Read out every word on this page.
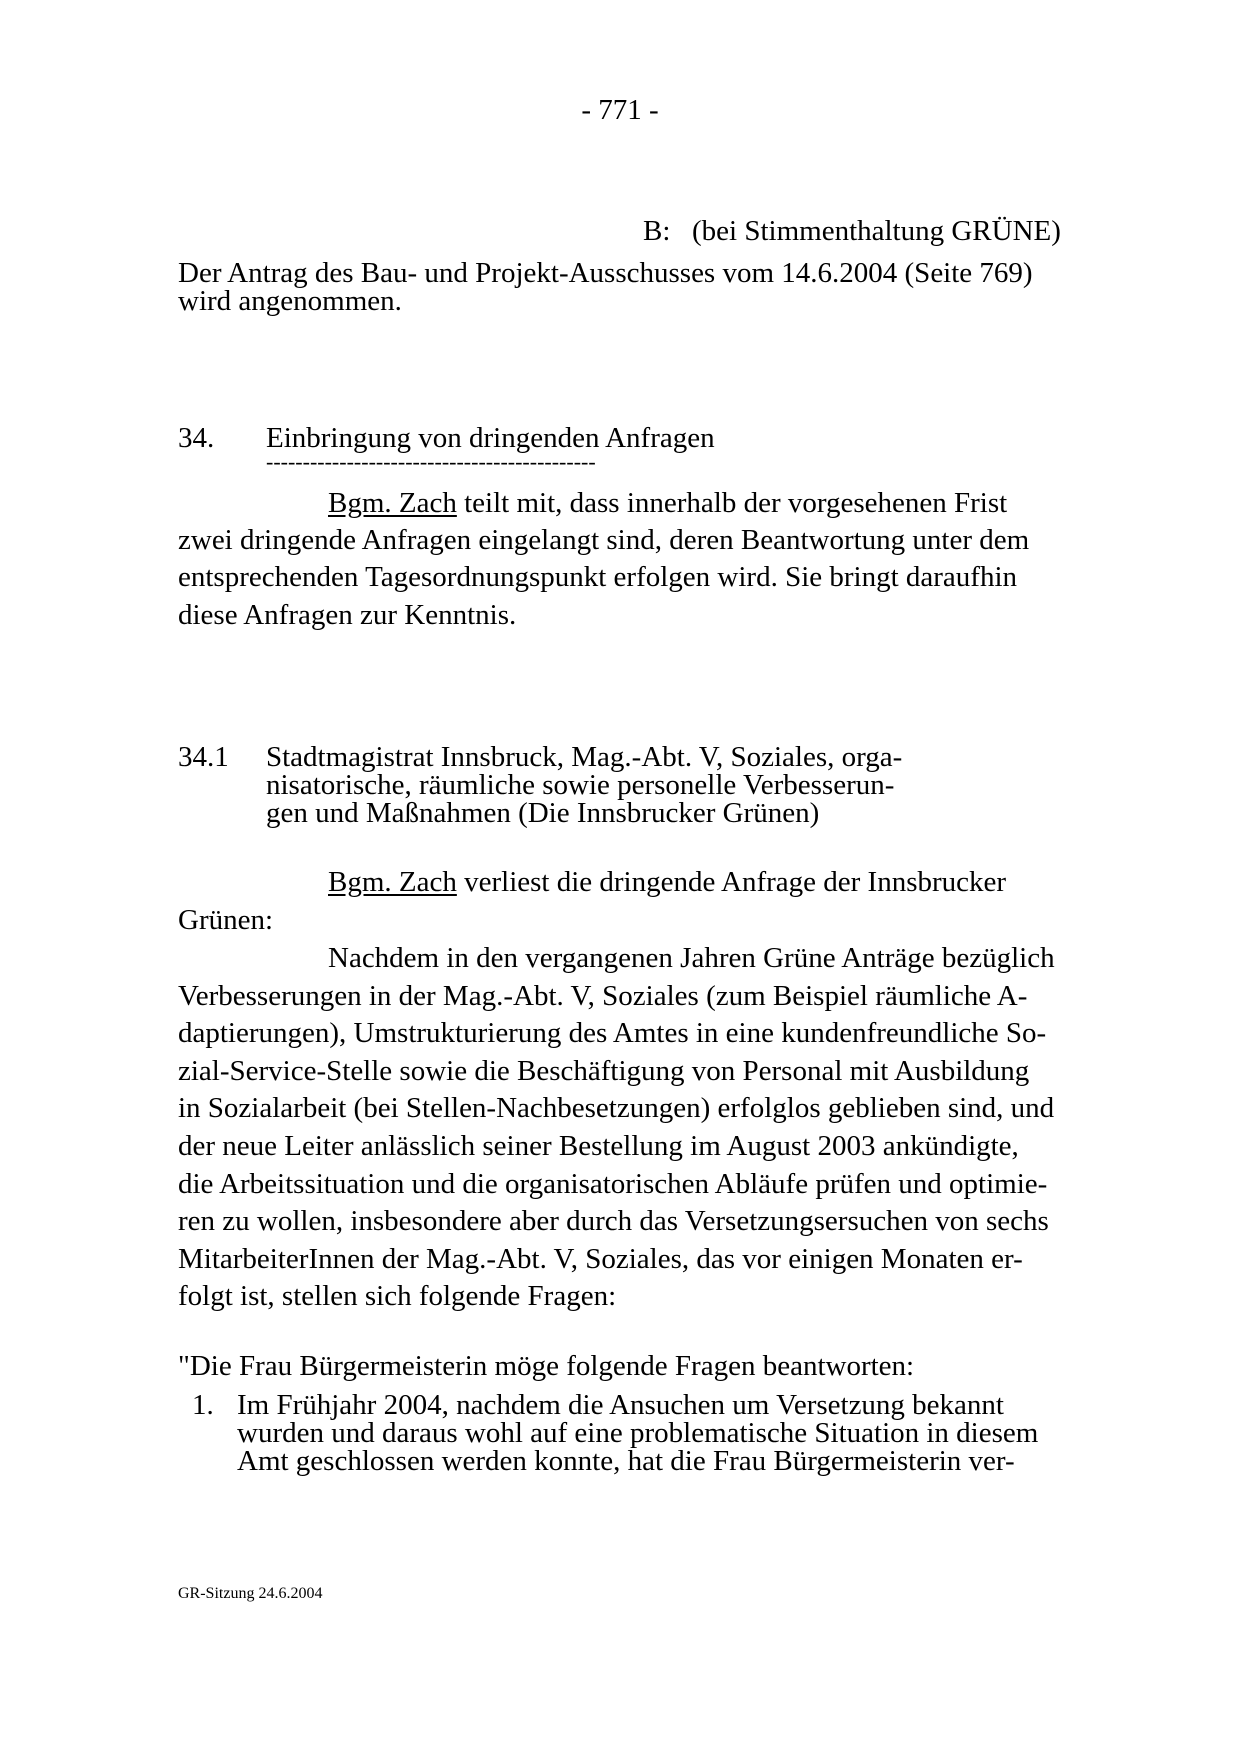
- 771 -
B: (bei Stimmenthaltung GRÜNE)
Der Antrag des Bau- und Projekt-Ausschusses vom 14.6.2004 (Seite 769)
wird angenommen.
34. Einbringung von dringenden Anfragen
---------------------------------------------
Bgm. Zach teilt mit, dass innerhalb der vorgesehenen Frist
zwei dringende Anfragen eingelangt sind, deren Beantwortung unter dem
entsprechenden Tagesordnungspunkt erfolgen wird. Sie bringt daraufhin
diese Anfragen zur Kenntnis.
34.1 Stadtmagistrat Innsbruck, Mag.-Abt. V, Soziales, orga-
nisatorische, räumliche sowie personelle Verbesserun-
gen und Maßnahmen (Die Innsbrucker Grünen)
Bgm. Zach verliest die dringende Anfrage der Innsbrucker
Grünen:
Nachdem in den vergangenen Jahren Grüne Anträge bezüglich
Verbesserungen in der Mag.-Abt. V, Soziales (zum Beispiel räumliche A-
daptierungen), Umstrukturierung des Amtes in eine kundenfreundliche So-
zial-Service-Stelle sowie die Beschäftigung von Personal mit Ausbildung
in Sozialarbeit (bei Stellen-Nachbesetzungen) erfolglos geblieben sind, und
der neue Leiter anlässlich seiner Bestellung im August 2003 ankündigte,
die Arbeitssituation und die organisatorischen Abläufe prüfen und optimie-
ren zu wollen, insbesondere aber durch das Versetzungsersuchen von sechs
MitarbeiterInnen der Mag.-Abt. V, Soziales, das vor einigen Monaten er-
folgt ist, stellen sich folgende Fragen:
"Die Frau Bürgermeisterin möge folgende Fragen beantworten:
1. Im Frühjahr 2004, nachdem die Ansuchen um Versetzung bekannt
wurden und daraus wohl auf eine problematische Situation in diesem
Amt geschlossen werden konnte, hat die Frau Bürgermeisterin ver-
GR-Sitzung 24.6.2004
